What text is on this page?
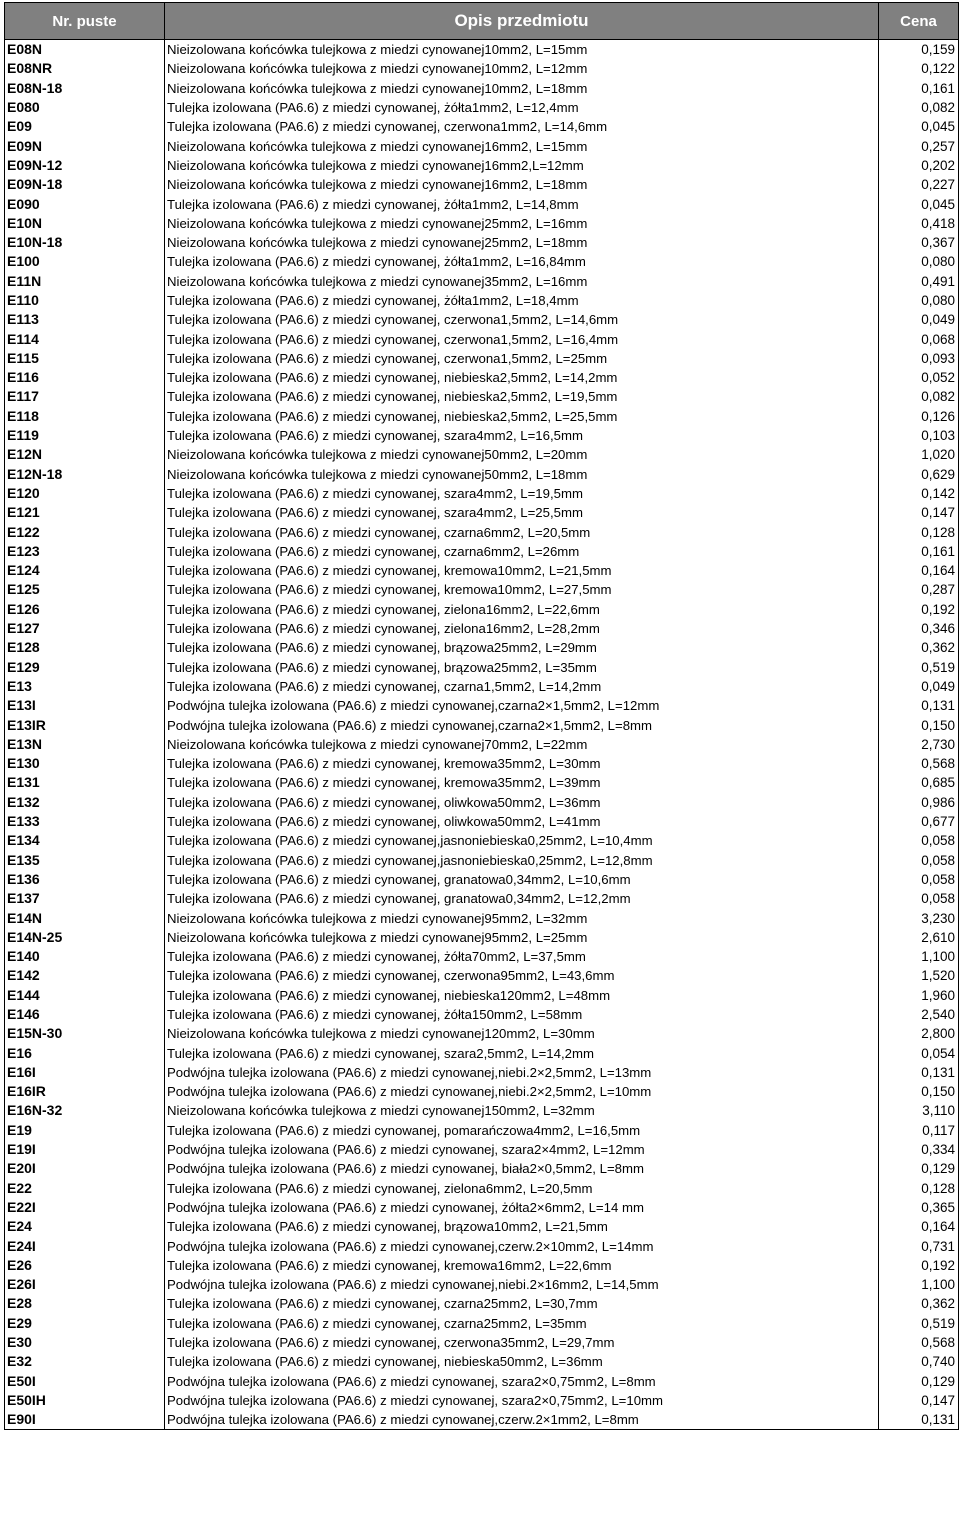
Nr. puste	Opis przedmiotu	Cena
E08N	Nieizolowana końcówka tulejkowa z miedzi cynowanej10mm2, L=15mm	0,159
E08NR	Nieizolowana końcówka tulejkowa z miedzi cynowanej10mm2, L=12mm	0,122
E08N-18	Nieizolowana końcówka tulejkowa z miedzi cynowanej10mm2, L=18mm	0,161
E080	Tulejka izolowana (PA6.6) z miedzi cynowanej, żółta1mm2, L=12,4mm	0,082
E09	Tulejka izolowana (PA6.6) z miedzi cynowanej, czerwona1mm2, L=14,6mm	0,045
E09N	Nieizolowana końcówka tulejkowa z miedzi cynowanej16mm2, L=15mm	0,257
E09N-12	Nieizolowana końcówka tulejkowa z miedzi cynowanej16mm2,L=12mm	0,202
E09N-18	Nieizolowana końcówka tulejkowa z miedzi cynowanej16mm2, L=18mm	0,227
E090	Tulejka izolowana (PA6.6) z miedzi cynowanej, żółta1mm2, L=14,8mm	0,045
E10N	Nieizolowana końcówka tulejkowa z miedzi cynowanej25mm2, L=16mm	0,418
E10N-18	Nieizolowana końcówka tulejkowa z miedzi cynowanej25mm2, L=18mm	0,367
E100	Tulejka izolowana (PA6.6) z miedzi cynowanej, żółta1mm2, L=16,84mm	0,080
E11N	Nieizolowana końcówka tulejkowa z miedzi cynowanej35mm2, L=16mm	0,491
E110	Tulejka izolowana (PA6.6) z miedzi cynowanej, żółta1mm2, L=18,4mm	0,080
E113	Tulejka izolowana (PA6.6) z miedzi cynowanej, czerwona1,5mm2, L=14,6mm	0,049
E114	Tulejka izolowana (PA6.6) z miedzi cynowanej, czerwona1,5mm2, L=16,4mm	0,068
E115	Tulejka izolowana (PA6.6) z miedzi cynowanej, czerwona1,5mm2, L=25mm	0,093
E116	Tulejka izolowana (PA6.6) z miedzi cynowanej, niebieska2,5mm2, L=14,2mm	0,052
E117	Tulejka izolowana (PA6.6) z miedzi cynowanej, niebieska2,5mm2, L=19,5mm	0,082
E118	Tulejka izolowana (PA6.6) z miedzi cynowanej, niebieska2,5mm2, L=25,5mm	0,126
E119	Tulejka izolowana (PA6.6) z miedzi cynowanej, szara4mm2, L=16,5mm	0,103
E12N	Nieizolowana końcówka tulejkowa z miedzi cynowanej50mm2, L=20mm	1,020
E12N-18	Nieizolowana końcówka tulejkowa z miedzi cynowanej50mm2, L=18mm	0,629
E120	Tulejka izolowana (PA6.6) z miedzi cynowanej, szara4mm2, L=19,5mm	0,142
E121	Tulejka izolowana (PA6.6) z miedzi cynowanej, szara4mm2, L=25,5mm	0,147
E122	Tulejka izolowana (PA6.6) z miedzi cynowanej, czarna6mm2, L=20,5mm	0,128
E123	Tulejka izolowana (PA6.6) z miedzi cynowanej, czarna6mm2, L=26mm	0,161
E124	Tulejka izolowana (PA6.6) z miedzi cynowanej, kremowa10mm2, L=21,5mm	0,164
E125	Tulejka izolowana (PA6.6) z miedzi cynowanej, kremowa10mm2, L=27,5mm	0,287
E126	Tulejka izolowana (PA6.6) z miedzi cynowanej, zielona16mm2, L=22,6mm	0,192
E127	Tulejka izolowana (PA6.6) z miedzi cynowanej, zielona16mm2, L=28,2mm	0,346
E128	Tulejka izolowana (PA6.6) z miedzi cynowanej, brązowa25mm2, L=29mm	0,362
E129	Tulejka izolowana (PA6.6) z miedzi cynowanej, brązowa25mm2, L=35mm	0,519
E13	Tulejka izolowana (PA6.6) z miedzi cynowanej, czarna1,5mm2, L=14,2mm	0,049
E13I	Podwójna tulejka izolowana (PA6.6) z miedzi cynowanej,czarna2×1,5mm2, L=12mm	0,131
E13IR	Podwójna tulejka izolowana (PA6.6) z miedzi cynowanej,czarna2×1,5mm2, L=8mm	0,150
E13N	Nieizolowana końcówka tulejkowa z miedzi cynowanej70mm2, L=22mm	2,730
E130	Tulejka izolowana (PA6.6) z miedzi cynowanej, kremowa35mm2, L=30mm	0,568
E131	Tulejka izolowana (PA6.6) z miedzi cynowanej, kremowa35mm2, L=39mm	0,685
E132	Tulejka izolowana (PA6.6) z miedzi cynowanej, oliwkowa50mm2, L=36mm	0,986
E133	Tulejka izolowana (PA6.6) z miedzi cynowanej, oliwkowa50mm2, L=41mm	0,677
E134	Tulejka izolowana (PA6.6) z miedzi cynowanej,jasnoniebieska0,25mm2, L=10,4mm	0,058
E135	Tulejka izolowana (PA6.6) z miedzi cynowanej,jasnoniebieska0,25mm2, L=12,8mm	0,058
E136	Tulejka izolowana (PA6.6) z miedzi cynowanej, granatowa0,34mm2, L=10,6mm	0,058
E137	Tulejka izolowana (PA6.6) z miedzi cynowanej, granatowa0,34mm2, L=12,2mm	0,058
E14N	Nieizolowana końcówka tulejkowa z miedzi cynowanej95mm2, L=32mm	3,230
E14N-25	Nieizolowana końcówka tulejkowa z miedzi cynowanej95mm2, L=25mm	2,610
E140	Tulejka izolowana (PA6.6) z miedzi cynowanej, żółta70mm2, L=37,5mm	1,100
E142	Tulejka izolowana (PA6.6) z miedzi cynowanej, czerwona95mm2, L=43,6mm	1,520
E144	Tulejka izolowana (PA6.6) z miedzi cynowanej, niebieska120mm2, L=48mm	1,960
E146	Tulejka izolowana (PA6.6) z miedzi cynowanej, żółta150mm2, L=58mm	2,540
E15N-30	Nieizolowana końcówka tulejkowa z miedzi cynowanej120mm2, L=30mm	2,800
E16	Tulejka izolowana (PA6.6) z miedzi cynowanej, szara2,5mm2, L=14,2mm	0,054
E16I	Podwójna tulejka izolowana (PA6.6) z miedzi cynowanej,niebi.2×2,5mm2, L=13mm	0,131
E16IR	Podwójna tulejka izolowana (PA6.6) z miedzi cynowanej,niebi.2×2,5mm2, L=10mm	0,150
E16N-32	Nieizolowana końcówka tulejkowa z miedzi cynowanej150mm2, L=32mm	3,110
E19	Tulejka izolowana (PA6.6) z miedzi cynowanej, pomarańczowa4mm2, L=16,5mm	0,117
E19I	Podwójna tulejka izolowana (PA6.6) z miedzi cynowanej, szara2×4mm2, L=12mm	0,334
E20I	Podwójna tulejka izolowana (PA6.6) z miedzi cynowanej, biała2×0,5mm2, L=8mm	0,129
E22	Tulejka izolowana (PA6.6) z miedzi cynowanej, zielona6mm2, L=20,5mm	0,128
E22I	Podwójna tulejka izolowana (PA6.6) z miedzi cynowanej, żółta2×6mm2, L=14 mm	0,365
E24	Tulejka izolowana (PA6.6) z miedzi cynowanej, brązowa10mm2, L=21,5mm	0,164
E24I	Podwójna tulejka izolowana (PA6.6) z miedzi cynowanej,czerw.2×10mm2, L=14mm	0,731
E26	Tulejka izolowana (PA6.6) z miedzi cynowanej, kremowa16mm2, L=22,6mm	0,192
E26I	Podwójna tulejka izolowana (PA6.6) z miedzi cynowanej,niebi.2×16mm2, L=14,5mm	1,100
E28	Tulejka izolowana (PA6.6) z miedzi cynowanej, czarna25mm2, L=30,7mm	0,362
E29	Tulejka izolowana (PA6.6) z miedzi cynowanej, czarna25mm2, L=35mm	0,519
E30	Tulejka izolowana (PA6.6) z miedzi cynowanej, czerwona35mm2, L=29,7mm	0,568
E32	Tulejka izolowana (PA6.6) z miedzi cynowanej, niebieska50mm2, L=36mm	0,740
E50I	Podwójna tulejka izolowana (PA6.6) z miedzi cynowanej, szara2×0,75mm2, L=8mm	0,129
E50IH	Podwójna tulejka izolowana (PA6.6) z miedzi cynowanej, szara2×0,75mm2, L=10mm	0,147
E90I	Podwójna tulejka izolowana (PA6.6) z miedzi cynowanej,czerw.2×1mm2, L=8mm	0,131
